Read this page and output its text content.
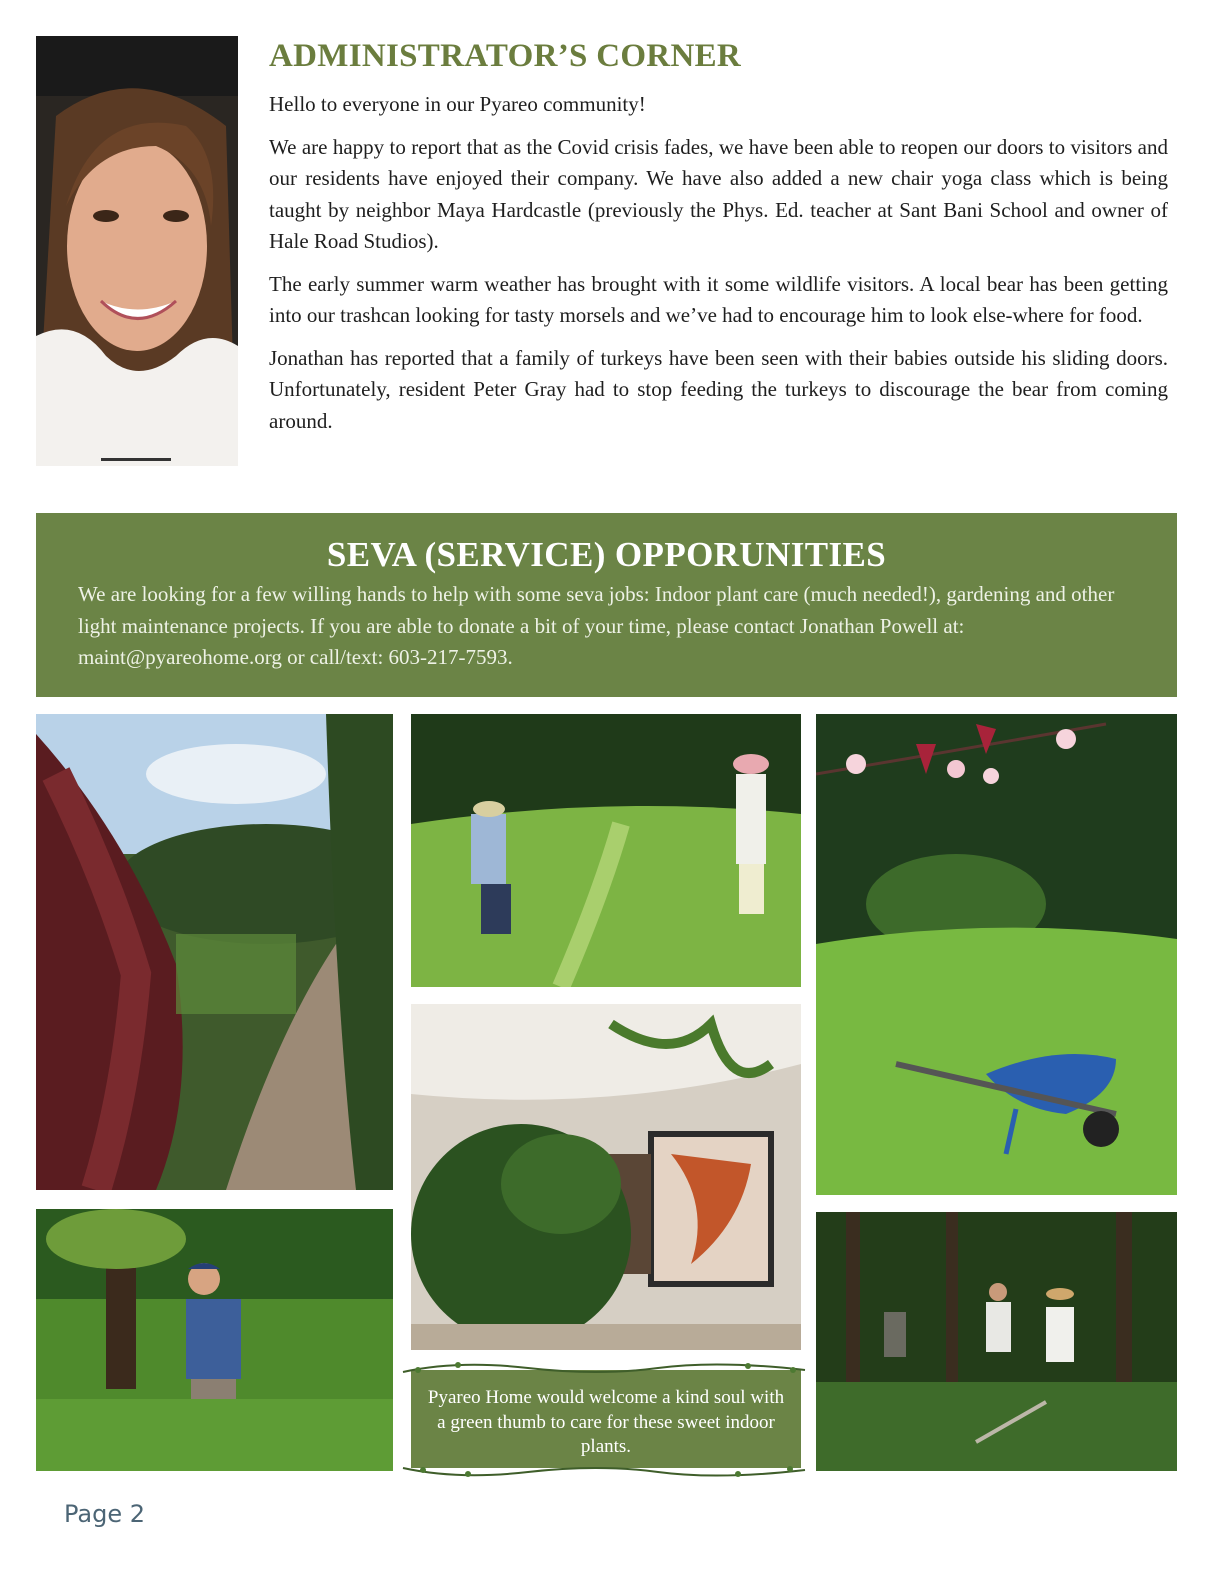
ADMINISTRATOR’S CORNER

Hello to everyone in our Pyareo community!

We are happy to report that as the Covid crisis fades, we have been able to reopen our doors to visitors and our residents have enjoyed their company. We have also added a new chair yoga class which is being taught by neighbor Maya Hardcastle (previously the Phys. Ed. teacher at Sant Bani School and owner of Hale Road Studios).

The early summer warm weather has brought with it some wildlife visitors. A local bear has been getting into our trashcan looking for tasty morsels and we’ve had to encourage him to look else-where for food.

Jonathan has reported that a family of turkeys have been seen with their babies outside his sliding doors. Unfortunately, resident Peter Gray had to stop feeding the turkeys to discourage the bear from coming around.

SEVA (SERVICE) OPPORUNITIES

We are looking for a few willing hands to help with some seva jobs: Indoor plant care (much needed!), gardening and other light maintenance projects. If you are able to donate a bit of your time, please contact Jonathan Powell at: maint@pyareohome.org or call/text: 603-217-7593.

Pyareo Home would welcome a kind soul with a green thumb to care for these sweet indoor plants.
Page 2
